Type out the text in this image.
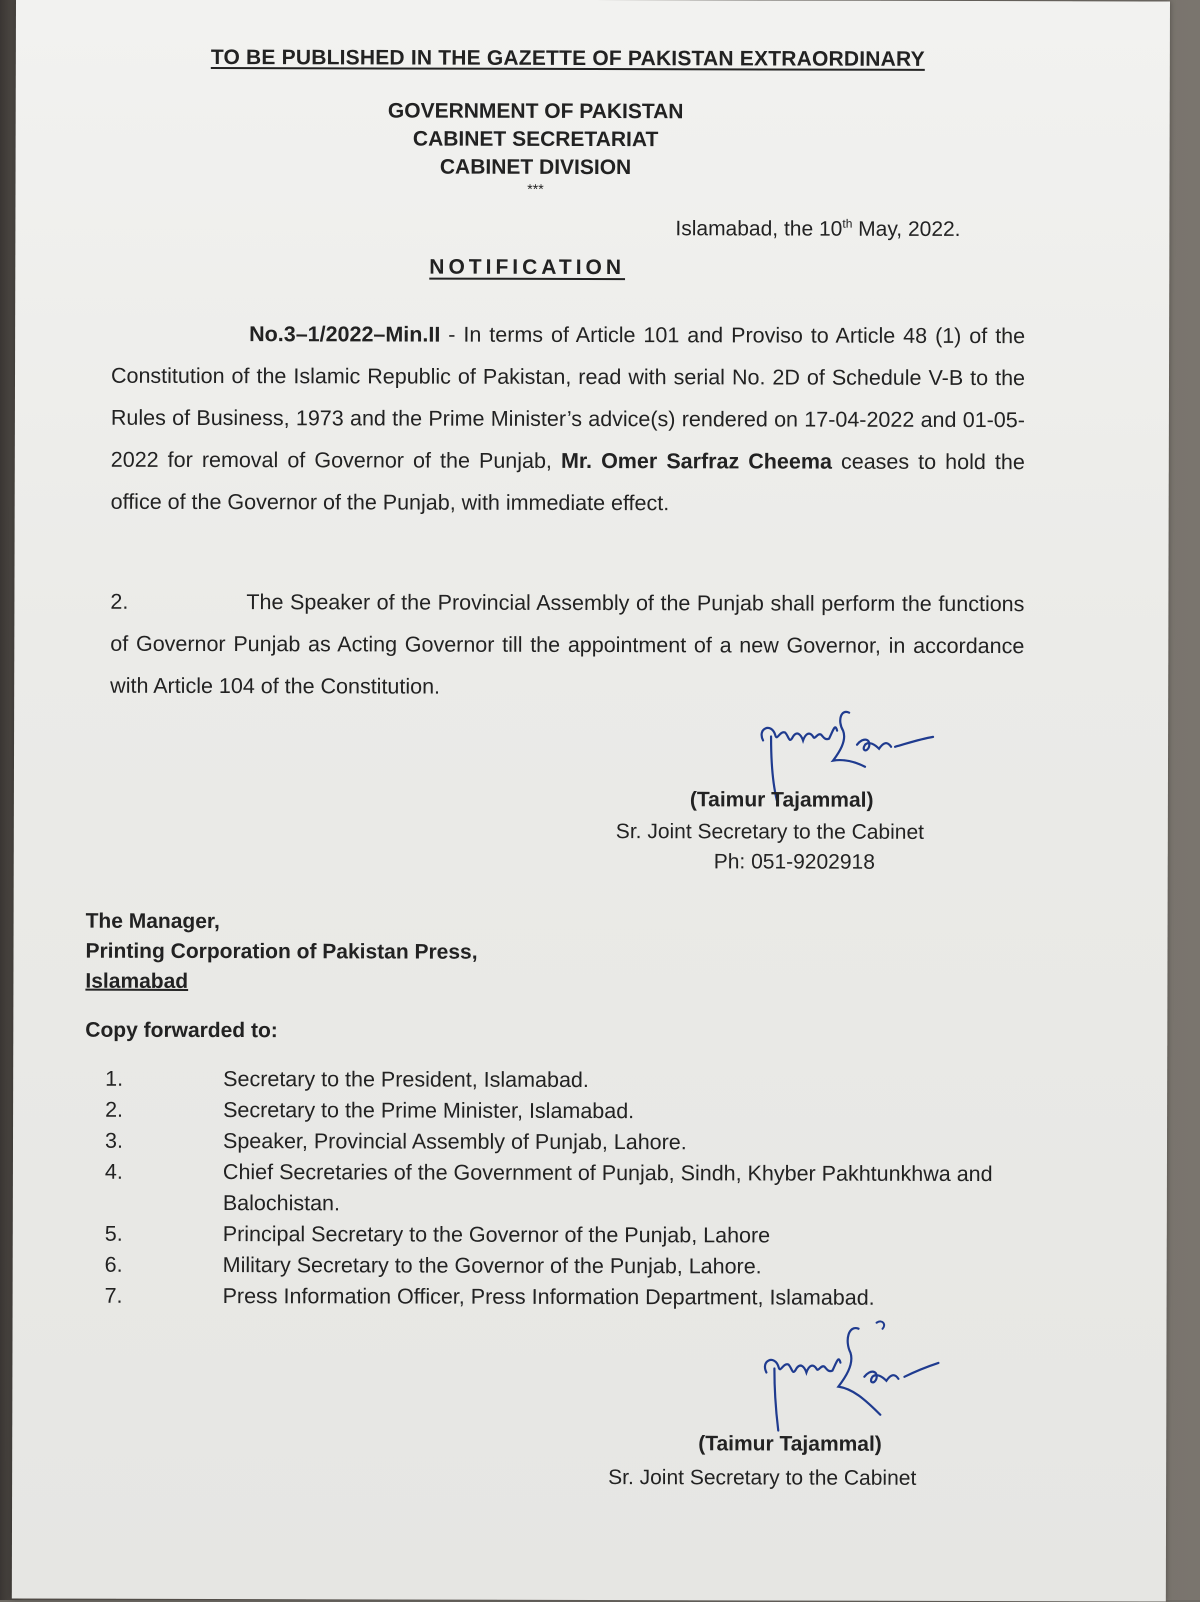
TO BE PUBLISHED IN THE GAZETTE OF PAKISTAN EXTRAORDINARY
GOVERNMENT OF PAKISTAN
CABINET SECRETARIAT
CABINET DIVISION
***
Islamabad, the 10th May, 2022.
NOTIFICATION
No.3–1/2022–Min.II - In terms of Article 101 and Proviso to Article 48 (1) of the Constitution of the Islamic Republic of Pakistan, read with serial No. 2D of Schedule V-B to the Rules of Business, 1973 and the Prime Minister’s advice(s) rendered on 17-04-2022 and 01-05-2022 for removal of Governor of the Punjab, Mr. Omer Sarfraz Cheema ceases to hold the office of the Governor of the Punjab, with immediate effect.
2.	The Speaker of the Provincial Assembly of the Punjab shall perform the functions of Governor Punjab as Acting Governor till the appointment of a new Governor, in accordance with Article 104 of the Constitution.
(Taimur Tajammal)
Sr. Joint Secretary to the Cabinet
Ph: 051-9202918
The Manager,
Printing Corporation of Pakistan Press,
Islamabad
Copy forwarded to:
1.	Secretary to the President, Islamabad.
2.	Secretary to the Prime Minister, Islamabad.
3.	Speaker, Provincial Assembly of Punjab, Lahore.
4.	Chief Secretaries of the Government of Punjab, Sindh, Khyber Pakhtunkhwa and Balochistan.
5.	Principal Secretary to the Governor of the Punjab, Lahore
6.	Military Secretary to the Governor of the Punjab, Lahore.
7.	Press Information Officer, Press Information Department, Islamabad.
(Taimur Tajammal)
Sr. Joint Secretary to the Cabinet
